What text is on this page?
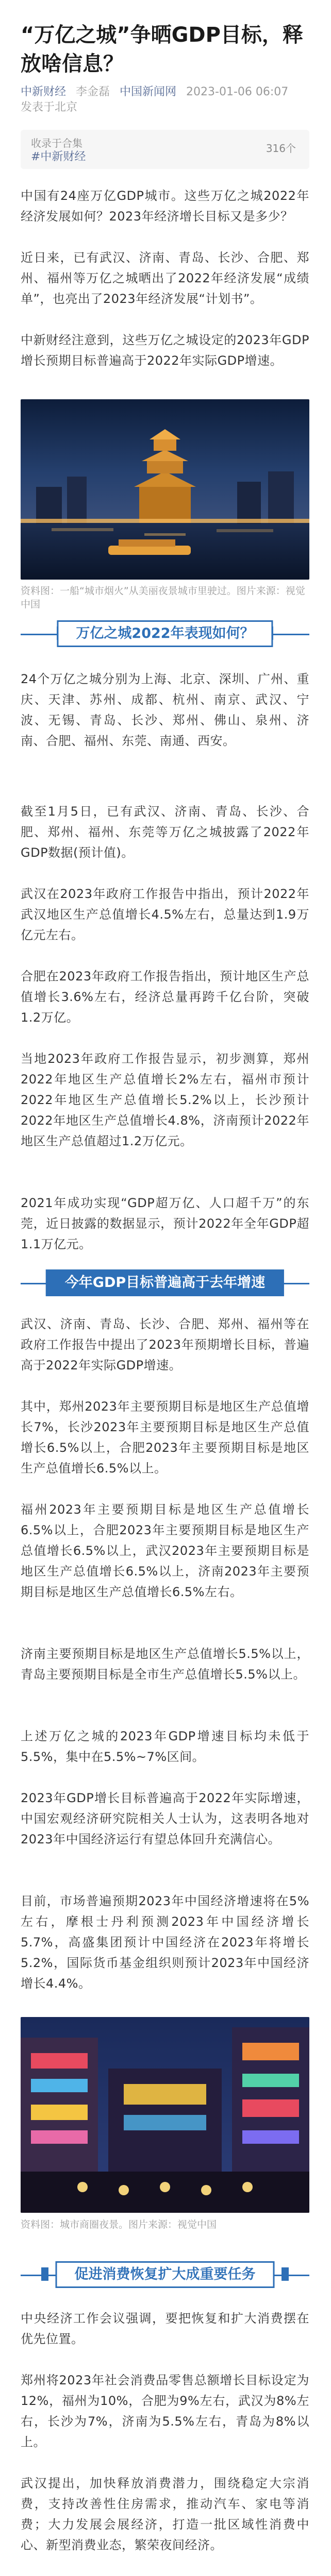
“万亿之城”争晒GDP目标，释放啥信息？
中新财经 李金磊 中国新闻网 2023-01-06 06:07 发表于北京
收录于合集
#中新财经
316个

中国有24座万亿GDP城市。这些万亿之城2022年经济发展如何？2023年经济增长目标又是多少？

近日来，已有武汉、济南、青岛、长沙、合肥、郑州、福州等万亿之城晒出了2022年经济发展“成绩单”，也亮出了2023年经济发展“计划书”。

中新财经注意到，这些万亿之城设定的2023年GDP增长预期目标普遍高于2022年实际GDP增速。

资料图：一船“城市烟火”从美丽夜景城市里驶过。图片来源：视觉中国
万亿之城2022年表现如何？

24个万亿之城分别为上海、北京、深圳、广州、重庆、天津、苏州、成都、杭州、南京、武汉、宁波、无锡、青岛、长沙、郑州、佛山、泉州、济南、合肥、福州、东莞、南通、西安。

截至1月5日，已有武汉、济南、青岛、长沙、合肥、郑州、福州、东莞等万亿之城披露了2022年GDP数据(预计值)。

武汉在2023年政府工作报告中指出，预计2022年武汉地区生产总值增长4.5%左右，总量达到1.9万亿元左右。

合肥在2023年政府工作报告指出，预计地区生产总值增长3.6%左右，经济总量再跨千亿台阶，突破1.2万亿。

当地2023年政府工作报告显示，初步测算，郑州2022年地区生产总值增长2%左右，福州市预计2022年地区生产总值增长5.2%以上，长沙预计2022年地区生产总值增长4.8%，济南预计2022年地区生产总值超过1.2万亿元。

2021年成功实现“GDP超万亿、人口超千万”的东莞，近日披露的数据显示，预计2022年全年GDP超1.1万亿元。

今年GDP目标普遍高于去年增速

武汉、济南、青岛、长沙、合肥、郑州、福州等在政府工作报告中提出了2023年预期增长目标，普遍高于2022年实际GDP增速。

其中，郑州2023年主要预期目标是地区生产总值增长7%，长沙2023年主要预期目标是地区生产总值增长6.5%以上，合肥2023年主要预期目标是地区生产总值增长6.5%以上。

福州2023年主要预期目标是地区生产总值增长6.5%以上，合肥2023年主要预期目标是地区生产总值增长6.5%以上，武汉2023年主要预期目标是地区生产总值增长6.5%以上，济南2023年主要预期目标是地区生产总值增长6.5%左右。

济南主要预期目标是地区生产总值增长5.5%以上，青岛主要预期目标是全市生产总值增长5.5%以上。

上述万亿之城的2023年GDP增速目标均未低于5.5%，集中在5.5%~7%区间。

2023年GDP增长目标普遍高于2022年实际增速，中国宏观经济研究院相关人士认为，这表明各地对2023年中国经济运行有望总体回升充满信心。

目前，市场普遍预期2023年中国经济增速将在5%左右，摩根士丹利预测2023年中国经济增长5.7%，高盛集团预计中国经济在2023年将增长5.2%，国际货币基金组织则预计2023年中国经济增长4.4%。

资料图：城市商圈夜景。图片来源：视觉中国
促进消费恢复扩大成重要任务

中央经济工作会议强调，要把恢复和扩大消费摆在优先位置。

郑州将2023年社会消费品零售总额增长目标设定为12%，福州为10%，合肥为9%左右，武汉为8%左右，长沙为7%，济南为5.5%左右，青岛为8%以上。

武汉提出，加快释放消费潜力，围绕稳定大宗消费，支持改善性住房需求，推动汽车、家电等消费；大力发展会展经济，打造一批区域性消费中心、新型消费业态，繁荣夜间经济。
